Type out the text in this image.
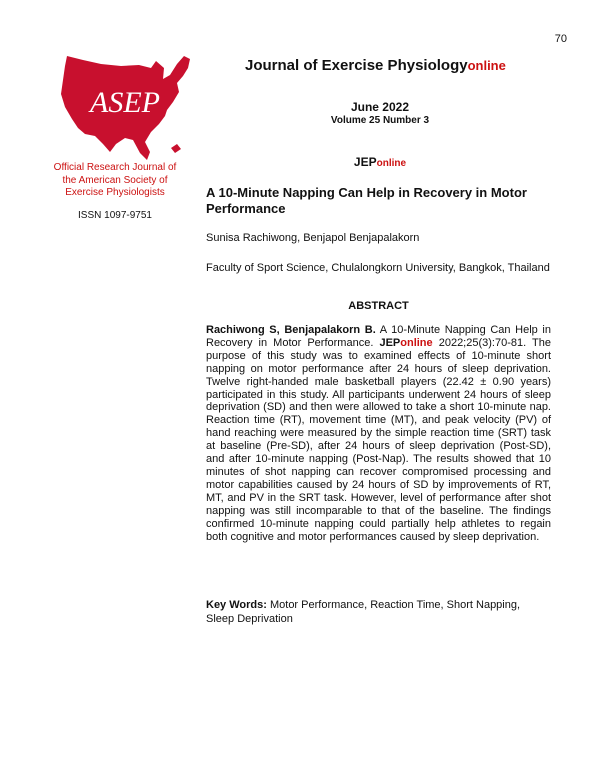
70
ASEP
Journal of Exercise Physiologyonline
June 2022
Volume 25 Number 3
Official Research Journal of
the American Society of
Exercise Physiologists
ISSN 1097-9751
JEPonline
A 10-Minute Napping Can Help in Recovery in Motor Performance
Sunisa Rachiwong, Benjapol Benjapalakorn
Faculty of Sport Science, Chulalongkorn University, Bangkok, Thailand
ABSTRACT
Rachiwong S, Benjapalakorn B. A 10-Minute Napping Can Help in Recovery in Motor Performance. JEPonline 2022;25(3):70-81. The purpose of this study was to examined effects of 10-minute short napping on motor performance after 24 hours of sleep deprivation. Twelve right-handed male basketball players (22.42 ± 0.90 years) participated in this study. All participants underwent 24 hours of sleep deprivation (SD) and then were allowed to take a short 10-minute nap. Reaction time (RT), movement time (MT), and peak velocity (PV) of hand reaching were measured by the simple reaction time (SRT) task at baseline (Pre-SD), after 24 hours of sleep deprivation (Post-SD), and after 10-minute napping (Post-Nap). The results showed that 10 minutes of shot napping can recover compromised processing and motor capabilities caused by 24 hours of SD by improvements of RT, MT, and PV in the SRT task. However, level of performance after shot napping was still incomparable to that of the baseline. The findings confirmed 10-minute napping could partially help athletes to regain both cognitive and motor performances caused by sleep deprivation.
Key Words: Motor Performance, Reaction Time, Short Napping, Sleep Deprivation
